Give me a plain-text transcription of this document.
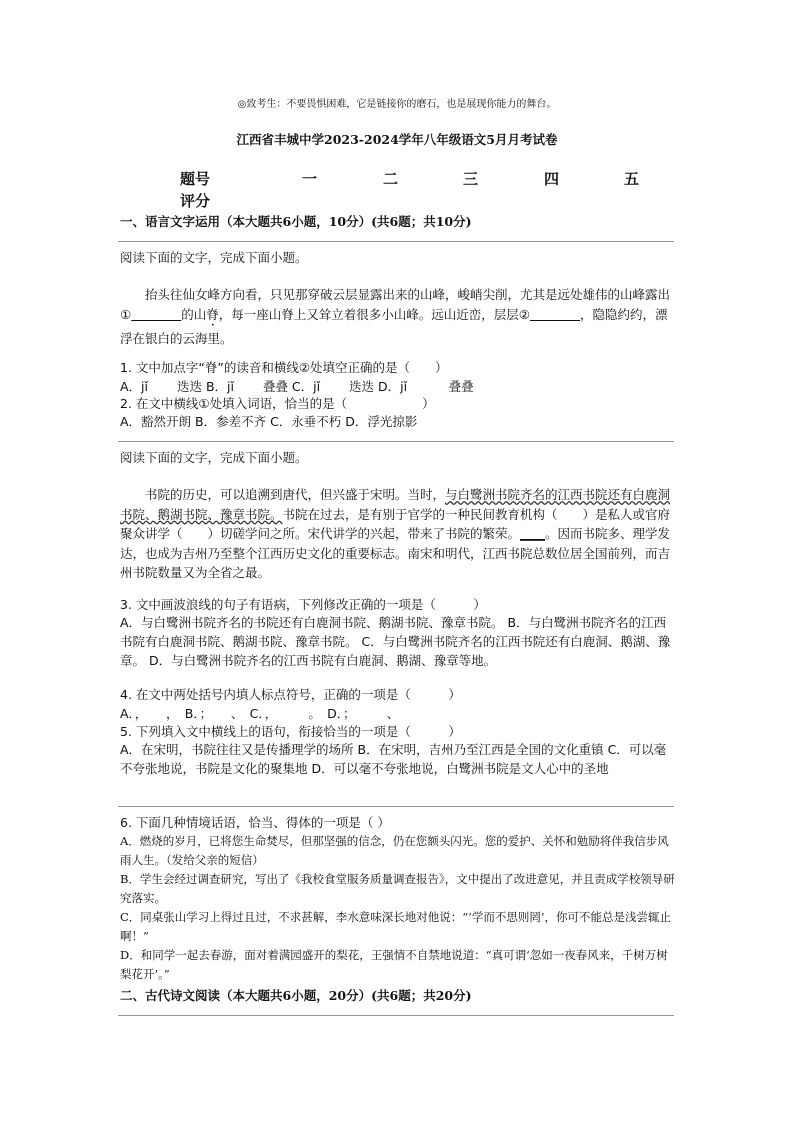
◎致考生：不要畏惧困难，它是链接你的磨石，也是展现你能力的舞台。
江西省丰城中学2023-2024学年八年级语文5月月考试卷
题号	一	二	三	四	五
评分
一、语言文字运用（本大题共6小题，10分）(共6题；共10分)
阅读下面的文字，完成下面小题。
抬头往仙女峰方向看，只见那穿破云层显露出来的山峰，峻峭尖削，尤其是远处雄伟的山峰露出①　　　　	的山脊，每一座山脊上又耸立着很多小山峰。远山近峦，层层②　　　　	，隐隐约约，漂浮在银白的云海里。
1. 文中加点字“脊”的读音和横线②处填空正确的是（　　）
A．jǐ　　 迭迭 B．jǐ　　 叠叠 C．jǐ　　 迭迭 D．jǐ　　　 叠叠
2. 在文中横线①处填入词语，恰当的是（　　　　　　）
A．豁然开朗 B．参差不齐 C．永垂不朽 D．浮光掠影
阅读下面的文字，完成下面小题。
书院的历史，可以追溯到唐代，但兴盛于宋明。当时，与白鹭洲书院齐名的江西书院还有白鹿洞书院、鹅湖书院、豫章书院。书院在过去，是有别于官学的一种民间教育机构（　　）是私人或官府聚众讲学（　　）切磋学问之所。宋代讲学的兴起，带来了书院的繁荣。____。因而书院多、理学发达，也成为吉州乃至整个江西历史文化的重要标志。南宋和明代，江西书院总数位居全国前列，而吉州书院数量又为全省之最。
3. 文中画波浪线的句子有语病，下列修改正确的一项是（　　　）
A．与白鹭洲书院齐名的书院还有白鹿洞书院、鹅湖书院、豫章书院。 B．与白鹭洲书院齐名的江西书院有白鹿洞书院、鹅湖书院、豫章书院。 C．与白鹭洲书院齐名的江西书院还有白鹿洞、鹅湖、豫章。 D．与白鹭洲书院齐名的江西书院有白鹿洞、鹅湖、豫章等地。
4. 在文中两处括号内填人标点符号，正确的一项是（　　　）
A．，　　，　B．；　　、　C．，　　　。　D．；　　　、
5. 下列填入文中横线上的语句，衔接恰当的一项是（　　　）
A．在宋明，书院往往又是传播理学的场所 B．在宋明，吉州乃至江西是全国的文化重镇 C．可以毫不夸张地说，书院是文化的聚集地 D．可以毫不夸张地说，白鹭洲书院是文人心中的圣地
6. 下面几种情境话语，恰当、得体的一项是（ ）
A．燃烧的岁月，已将您生命焚尽，但那坚强的信念，仍在您额头闪光。您的爱护、关怀和勉励将伴我信步风雨人生。（发给父亲的短信）
B．学生会经过调查研究，写出了《我校食堂服务质量调查报告》，文中提出了改进意见，并且责成学校领导研究落实。
C．同桌张山学习上得过且过，不求甚解，李水意味深长地对他说：“‘学而不思则罔’，你可不能总是浅尝辄止啊！”
D．和同学一起去春游，面对着满园盛开的梨花，王强情不自禁地说道：“真可谓‘忽如一夜春风来，千树万树梨花开’。”
二、古代诗文阅读（本大题共6小题，20分）(共6题；共20分)
